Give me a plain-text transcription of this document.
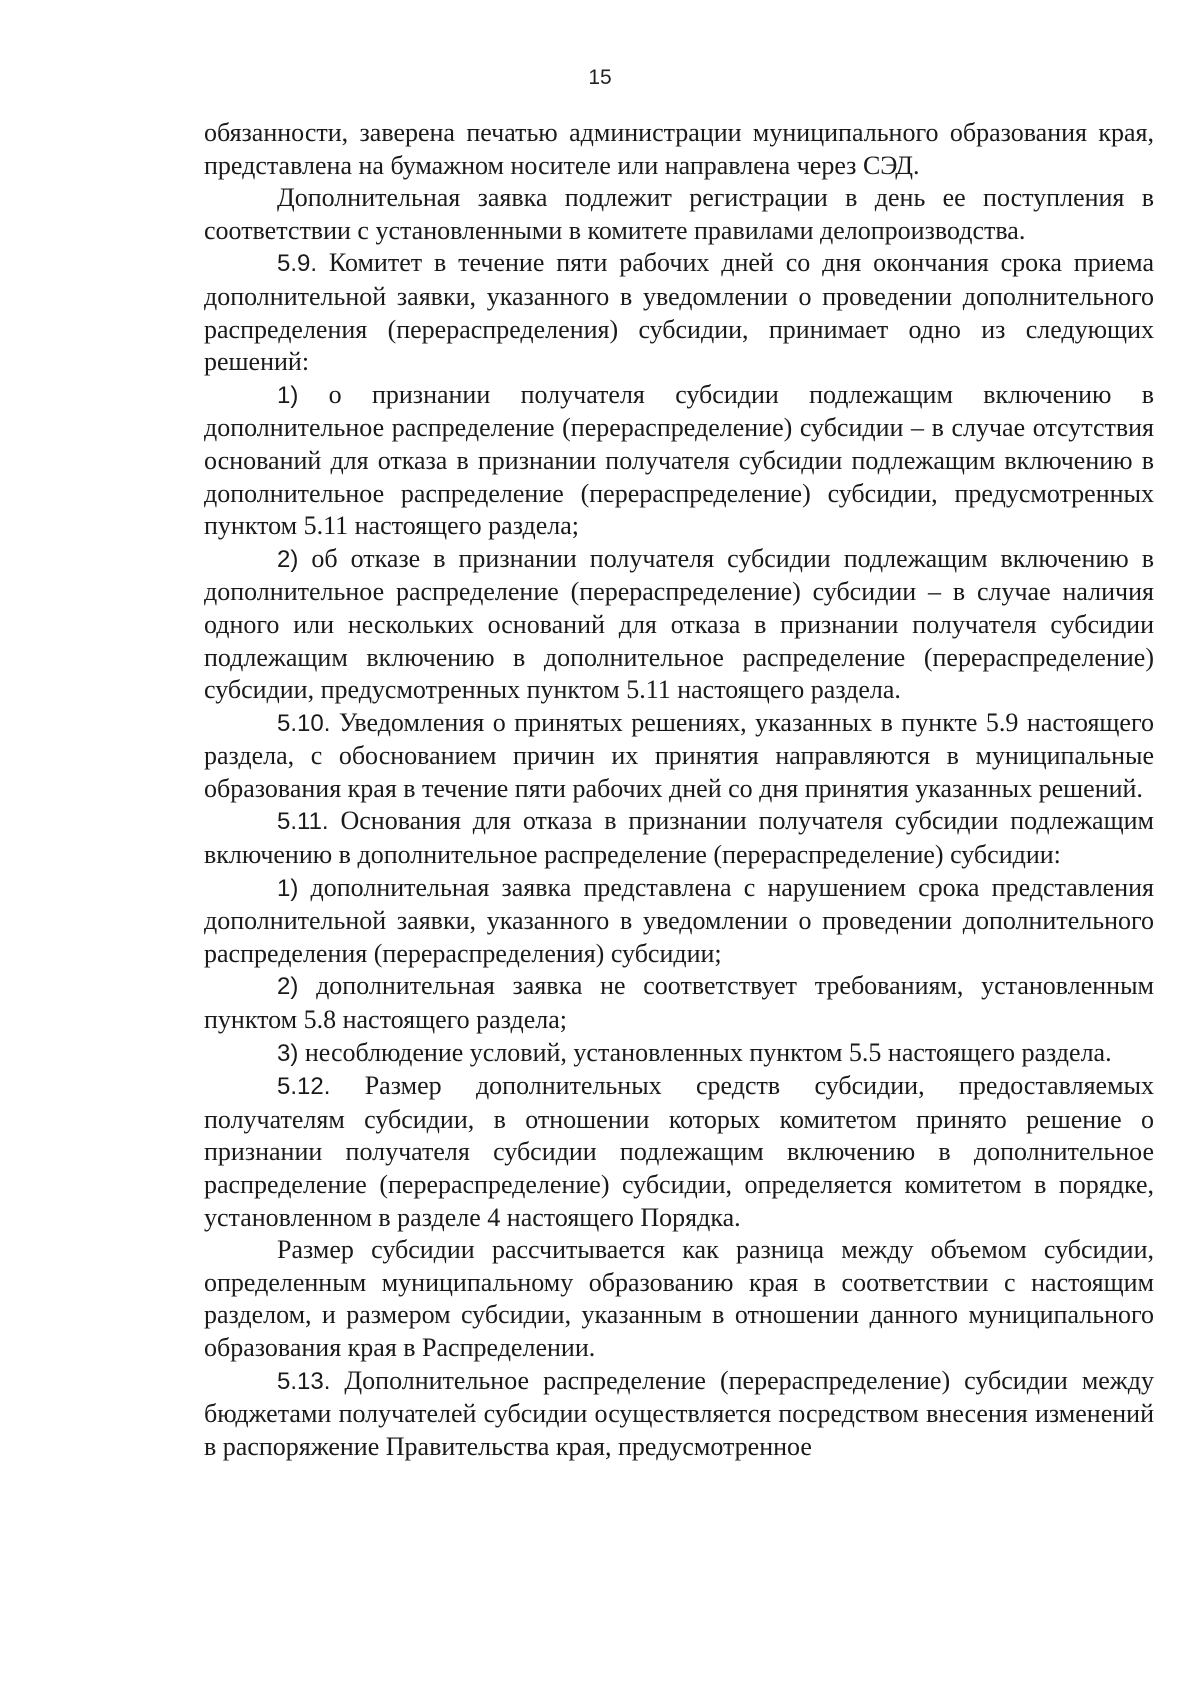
15

обязанности, заверена печатью администрации муниципального образования края, представлена на бумажном носителе или направлена через СЭД.

Дополнительная заявка подлежит регистрации в день ее поступления в соответствии с установленными в комитете правилами делопроизводства.

5.9. Комитет в течение пяти рабочих дней со дня окончания срока приема дополнительной заявки, указанного в уведомлении о проведении дополнительного распределения (перераспределения) субсидии, принимает одно из следующих решений:

1) о признании получателя субсидии подлежащим включению в дополнительное распределение (перераспределение) субсидии – в случае отсутствия оснований для отказа в признании получателя субсидии подлежащим включению в дополнительное распределение (перераспределение) субсидии, предусмотренных пунктом 5.11 настоящего раздела;

2) об отказе в признании получателя субсидии подлежащим включению в дополнительное распределение (перераспределение) субсидии – в случае наличия одного или нескольких оснований для отказа в признании получателя субсидии подлежащим включению в дополнительное распределение (перераспределение) субсидии, предусмотренных пунктом 5.11 настоящего раздела.

5.10. Уведомления о принятых решениях, указанных в пункте 5.9 настоящего раздела, с обоснованием причин их принятия направляются в муниципальные образования края в течение пяти рабочих дней со дня принятия указанных решений.

5.11. Основания для отказа в признании получателя субсидии подлежащим включению в дополнительное распределение (перераспределение) субсидии:

1) дополнительная заявка представлена с нарушением срока представления дополнительной заявки, указанного в уведомлении о проведении дополнительного распределения (перераспределения) субсидии;

2) дополнительная заявка не соответствует требованиям, установленным пунктом 5.8 настоящего раздела;

3) несоблюдение условий, установленных пунктом 5.5 настоящего раздела.

5.12. Размер дополнительных средств субсидии, предоставляемых получателям субсидии, в отношении которых комитетом принято решение о признании получателя субсидии подлежащим включению в дополнительное распределение (перераспределение) субсидии, определяется комитетом в порядке, установленном в разделе 4 настоящего Порядка.

Размер субсидии рассчитывается как разница между объемом субсидии, определенным муниципальному образованию края в соответствии с настоящим разделом, и размером субсидии, указанным в отношении данного муниципального образования края в Распределении.

5.13. Дополнительное распределение (перераспределение) субсидии между бюджетами получателей субсидии осуществляется посредством внесения изменений в распоряжение Правительства края, предусмотренное
